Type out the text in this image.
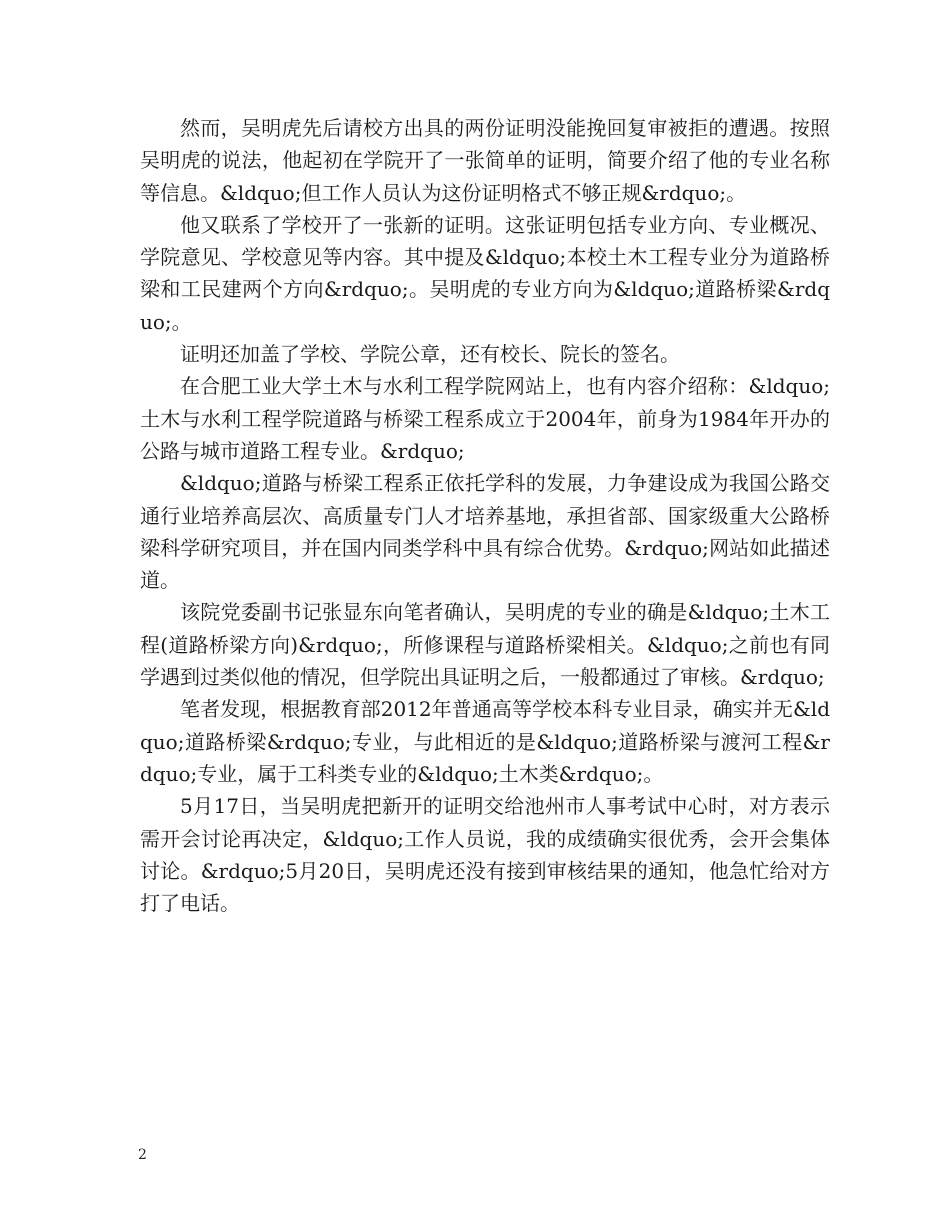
然而，吴明虎先后请校方出具的两份证明没能挽回复审被拒的遭遇。按照吴明虎的说法，他起初在学院开了一张简单的证明，简要介绍了他的专业名称等信息。&ldquo;但工作人员认为这份证明格式不够正规&rdquo;。

他又联系了学校开了一张新的证明。这张证明包括专业方向、专业概况、学院意见、学校意见等内容。其中提及&ldquo;本校土木工程专业分为道路桥梁和工民建两个方向&rdquo;。吴明虎的专业方向为&ldquo;道路桥梁&rdquo;。

证明还加盖了学校、学院公章，还有校长、院长的签名。

在合肥工业大学土木与水利工程学院网站上，也有内容介绍称：&ldquo;土木与水利工程学院道路与桥梁工程系成立于2004年，前身为1984年开办的公路与城市道路工程专业。&rdquo;

&ldquo;道路与桥梁工程系正依托学科的发展，力争建设成为我国公路交通行业培养高层次、高质量专门人才培养基地，承担省部、国家级重大公路桥梁科学研究项目，并在国内同类学科中具有综合优势。&rdquo;网站如此描述道。

该院党委副书记张显东向笔者确认，吴明虎的专业的确是&ldquo;土木工程(道路桥梁方向)&rdquo;，所修课程与道路桥梁相关。&ldquo;之前也有同学遇到过类似他的情况，但学院出具证明之后，一般都通过了审核。&rdquo;

笔者发现，根据教育部2012年普通高等学校本科专业目录，确实并无&ldquo;道路桥梁&rdquo;专业，与此相近的是&ldquo;道路桥梁与渡河工程&rdquo;专业，属于工科类专业的&ldquo;土木类&rdquo;。

5月17日，当吴明虎把新开的证明交给池州市人事考试中心时，对方表示需开会讨论再决定，&ldquo;工作人员说，我的成绩确实很优秀，会开会集体讨论。&rdquo;5月20日，吴明虎还没有接到审核结果的通知，他急忙给对方打了电话。

2
